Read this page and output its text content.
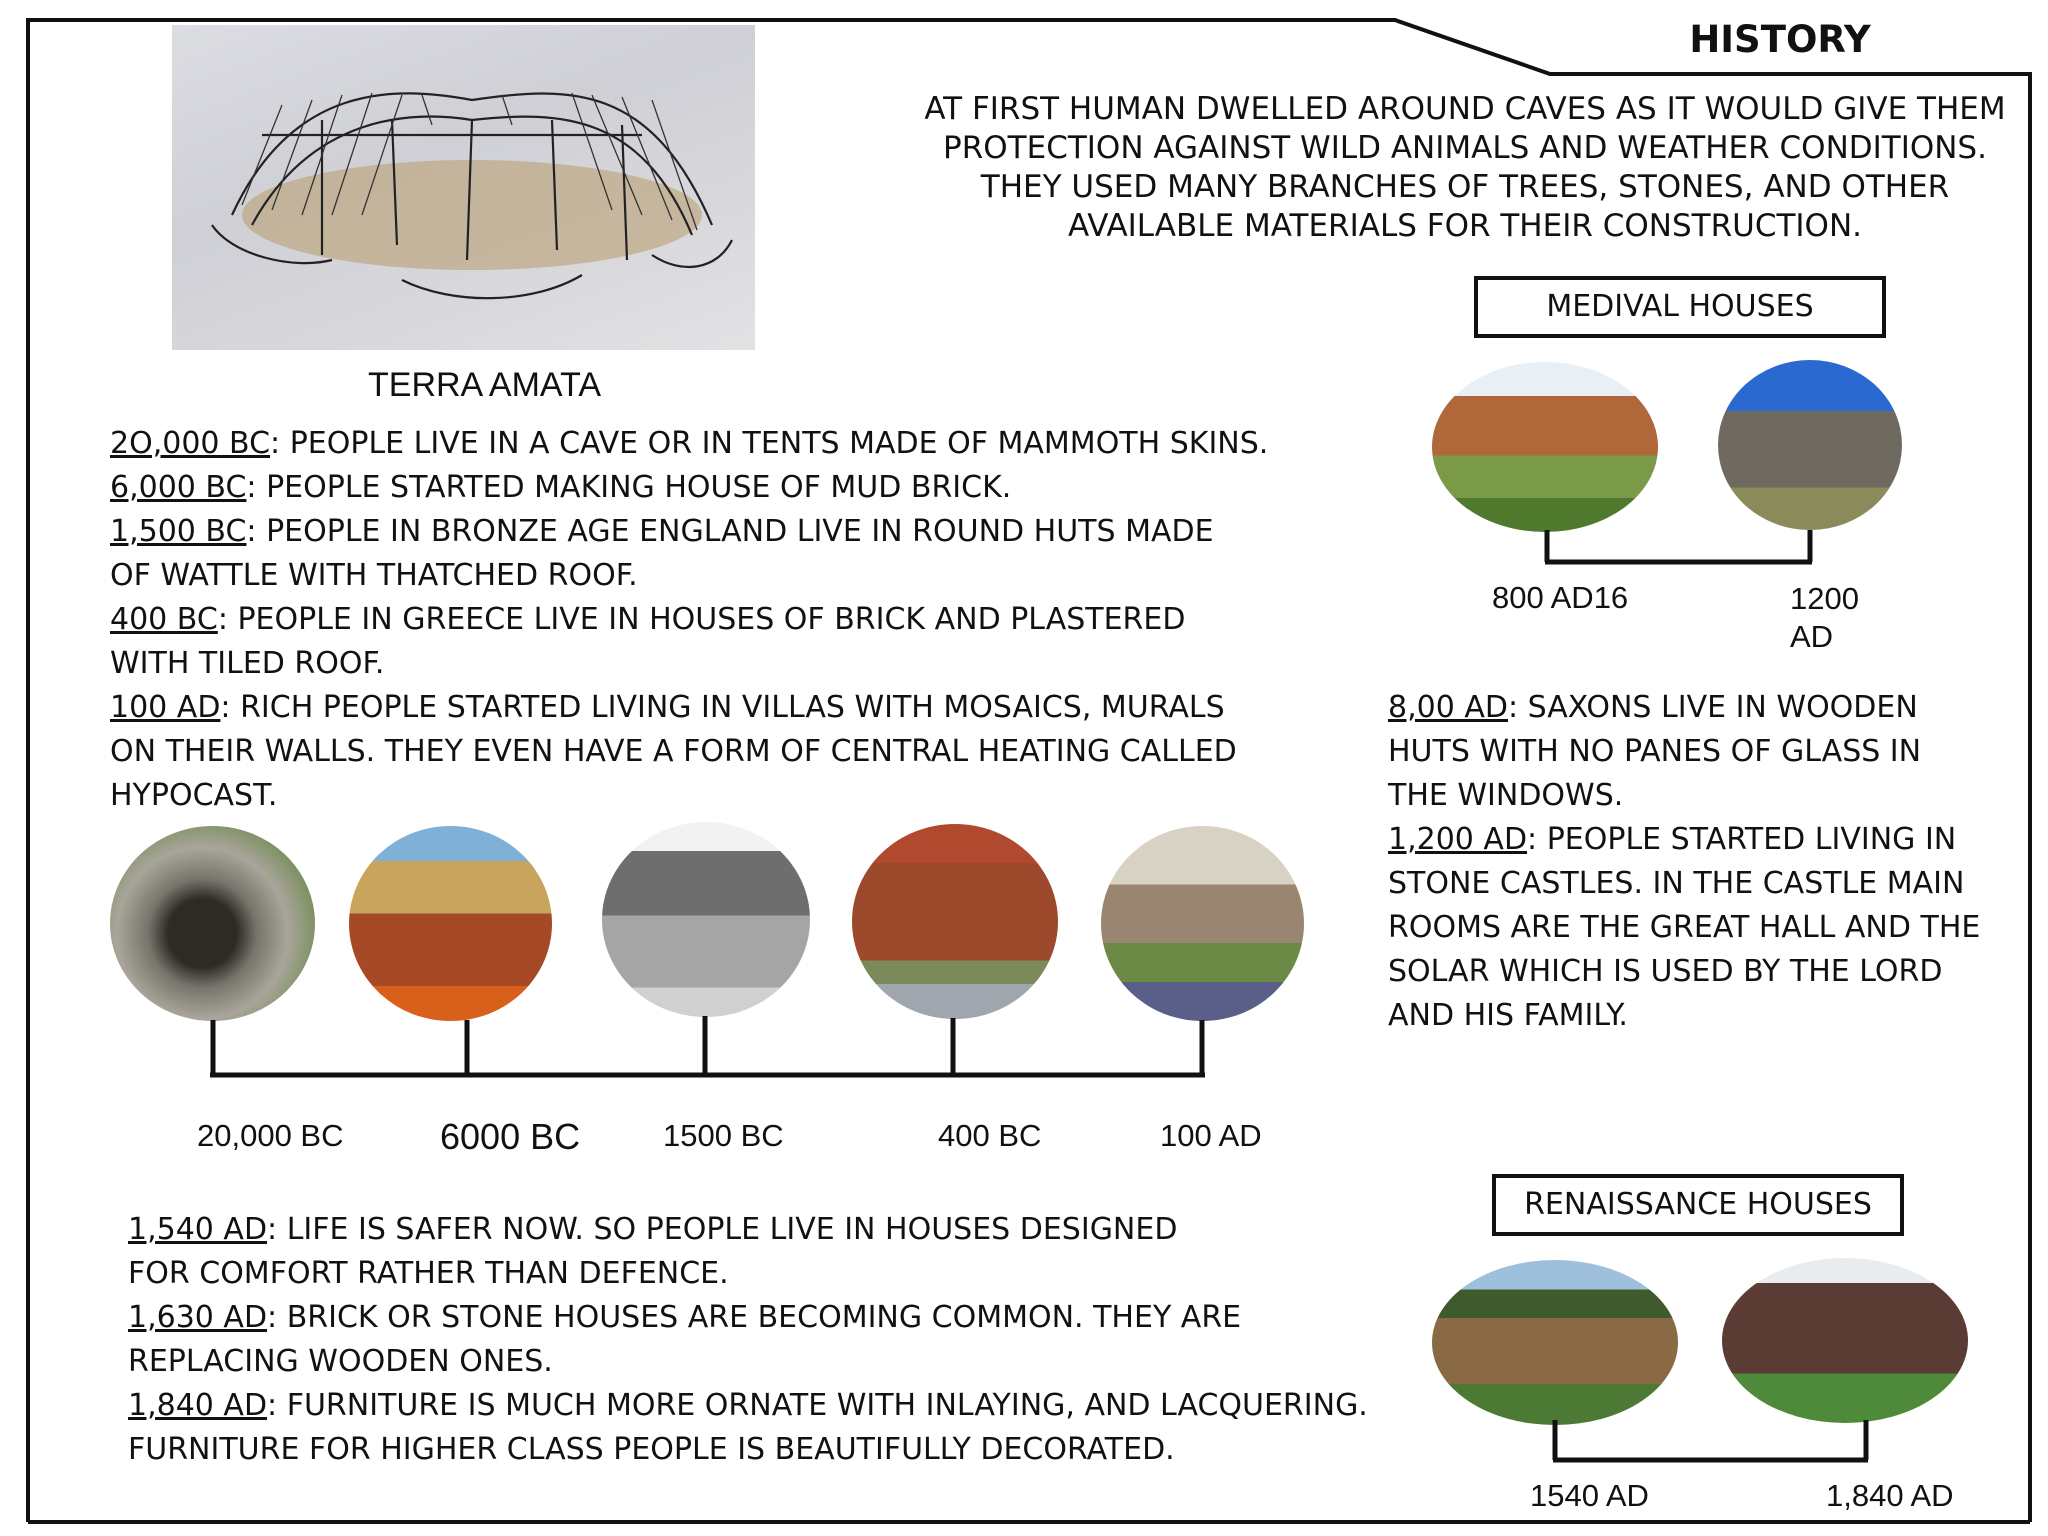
HISTORY
AT FIRST HUMAN DWELLED AROUND CAVES AS IT WOULD GIVE THEM PROTECTION AGAINST WILD ANIMALS AND WEATHER CONDITIONS. THEY USED MANY BRANCHES OF TREES, STONES, AND OTHER AVAILABLE MATERIALS FOR THEIR CONSTRUCTION.
TERRA AMATA

2O,000 BC: PEOPLE LIVE IN A CAVE OR IN TENTS MADE OF MAMMOTH SKINS.

6,000 BC: PEOPLE STARTED MAKING HOUSE OF MUD BRICK.

1,500 BC: PEOPLE IN BRONZE AGE ENGLAND LIVE IN ROUND HUTS MADE OF WATTLE WITH THATCHED ROOF.

400 BC: PEOPLE IN GREECE LIVE IN HOUSES OF BRICK AND PLASTERED WITH TILED ROOF.

100 AD: RICH PEOPLE STARTED LIVING IN VILLAS WITH MOSAICS, MURALS ON THEIR WALLS. THEY EVEN HAVE A FORM OF CENTRAL HEATING CALLED HYPOCAST.

20,000 BC	6000 BC	1500 BC	400 BC	100 AD
MEDIVAL HOUSES
800 AD16	1200
AD

8,00 AD: SAXONS LIVE IN WOODEN HUTS WITH NO PANES OF GLASS IN THE WINDOWS.

1,200 AD: PEOPLE STARTED LIVING IN STONE CASTLES. IN THE CASTLE MAIN ROOMS ARE THE GREAT HALL AND THE SOLAR WHICH IS USED BY THE LORD AND HIS FAMILY.

1,540 AD: LIFE IS SAFER NOW. SO PEOPLE LIVE IN HOUSES DESIGNED FOR COMFORT RATHER THAN DEFENCE.

1,630 AD: BRICK OR STONE HOUSES ARE BECOMING COMMON. THEY ARE REPLACING WOODEN ONES.

1,840 AD: FURNITURE IS MUCH MORE ORNATE WITH INLAYING, AND LACQUERING. FURNITURE FOR HIGHER CLASS PEOPLE IS BEAUTIFULLY DECORATED.

RENAISSANCE HOUSES
1540 AD	1,840 AD
